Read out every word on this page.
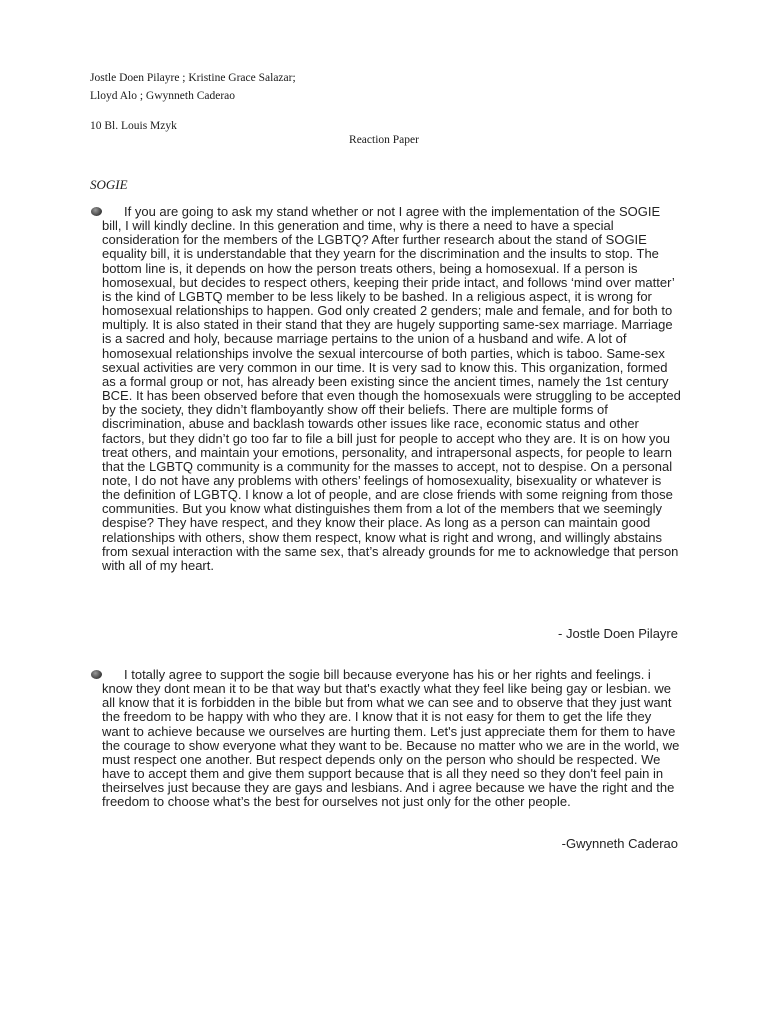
Jostle Doen Pilayre ; Kristine Grace Salazar;
Lloyd Alo ; Gwynneth Caderao
10 Bl. Louis Mzyk
Reaction Paper
SOGIE

If you are going to ask my stand whether or not I agree with the implementation of the SOGIE bill, I will kindly decline. In this generation and time, why is there a need to have a special consideration for the members of the LGBTQ? After further research about the stand of SOGIE equality bill, it is understandable that they yearn for the discrimination and the insults to stop. The bottom line is, it depends on how the person treats others, being a homosexual. If a person is homosexual, but decides to respect others, keeping their pride intact, and follows ‘mind over matter’ is the kind of LGBTQ member to be less likely to be bashed. In a religious aspect, it is wrong for homosexual relationships to happen. God only created 2 genders; male and female, and for both to multiply. It is also stated in their stand that they are hugely supporting same-sex marriage. Marriage is a sacred and holy, because marriage pertains to the union of a husband and wife. A lot of homosexual relationships involve the sexual intercourse of both parties, which is taboo. Same-sex sexual activities are very common in our time. It is very sad to know this. This organization, formed as a formal group or not, has already been existing since the ancient times, namely the 1st century BCE. It has been observed before that even though the homosexuals were struggling to be accepted by the society, they didn’t flamboyantly show off their beliefs. There are multiple forms of discrimination, abuse and backlash towards other issues like race, economic status and other factors, but they didn’t go too far to file a bill just for people to accept who they are. It is on how you treat others, and maintain your emotions, personality, and intrapersonal aspects, for people to learn that the LGBTQ community is a community for the masses to accept, not to despise. On a personal note, I do not have any problems with others’ feelings of homosexuality, bisexuality or whatever is the definition of LGBTQ. I know a lot of people, and are close friends with some reigning from those communities. But you know what distinguishes them from a lot of the members that we seemingly despise? They have respect, and they know their place. As long as a person can maintain good relationships with others, show them respect, know what is right and wrong, and willingly abstains from sexual interaction with the same sex, that’s already grounds for me to acknowledge that person with all of my heart.

- Jostle Doen Pilayre

I totally agree to support the sogie bill because everyone has his or her rights and feelings. i know they dont mean it to be that way but that's exactly what they feel like being gay or lesbian. we all know that it is forbidden in the bible but from what we can see and to observe that they just want the freedom to be happy with who they are. I know that it is not easy for them to get the life they want to achieve because we ourselves are hurting them. Let's just appreciate them for them to have the courage to show everyone what they want to be. Because no matter who we are in the world, we must respect one another. But respect depends only on the person who should be respected. We have to accept them and give them support because that is all they need so they don't feel pain in theirselves just because they are gays and lesbians. And i agree because we have the right and the freedom to choose what’s the best for ourselves not just only for the other people.

-Gwynneth Caderao
